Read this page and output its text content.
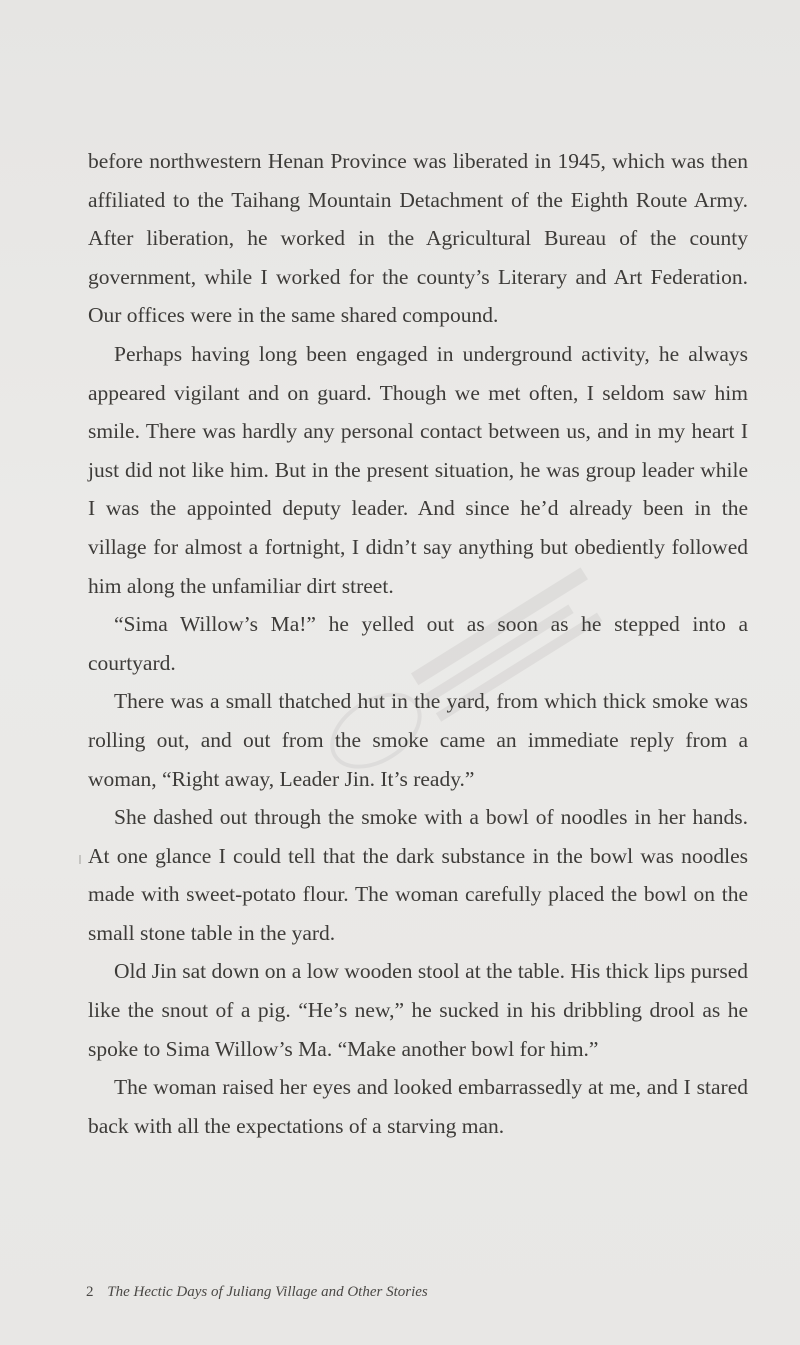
before northwestern Henan Province was liberated in 1945, which was then affiliated to the Taihang Mountain Detachment of the Eighth Route Army. After liberation, he worked in the Agricultural Bureau of the county government, while I worked for the county’s Literary and Art Federation. Our offices were in the same shared compound.

Perhaps having long been engaged in underground activity, he always appeared vigilant and on guard. Though we met often, I seldom saw him smile. There was hardly any personal contact between us, and in my heart I just did not like him. But in the present situation, he was group leader while I was the appointed deputy leader. And since he’d already been in the village for almost a fortnight, I didn’t say anything but obediently followed him along the unfamiliar dirt street.

“Sima Willow’s Ma!” he yelled out as soon as he stepped into a courtyard.

There was a small thatched hut in the yard, from which thick smoke was rolling out, and out from the smoke came an immediate reply from a woman, “Right away, Leader Jin. It’s ready.”

She dashed out through the smoke with a bowl of noodles in her hands. At one glance I could tell that the dark substance in the bowl was noodles made with sweet-potato flour. The woman carefully placed the bowl on the small stone table in the yard.

Old Jin sat down on a low wooden stool at the table. His thick lips pursed like the snout of a pig. “He’s new,” he sucked in his dribbling drool as he spoke to Sima Willow’s Ma. “Make another bowl for him.”

The woman raised her eyes and looked embarrassedly at me, and I stared back with all the expectations of a starving man.

2 The Hectic Days of Juliang Village and Other Stories
